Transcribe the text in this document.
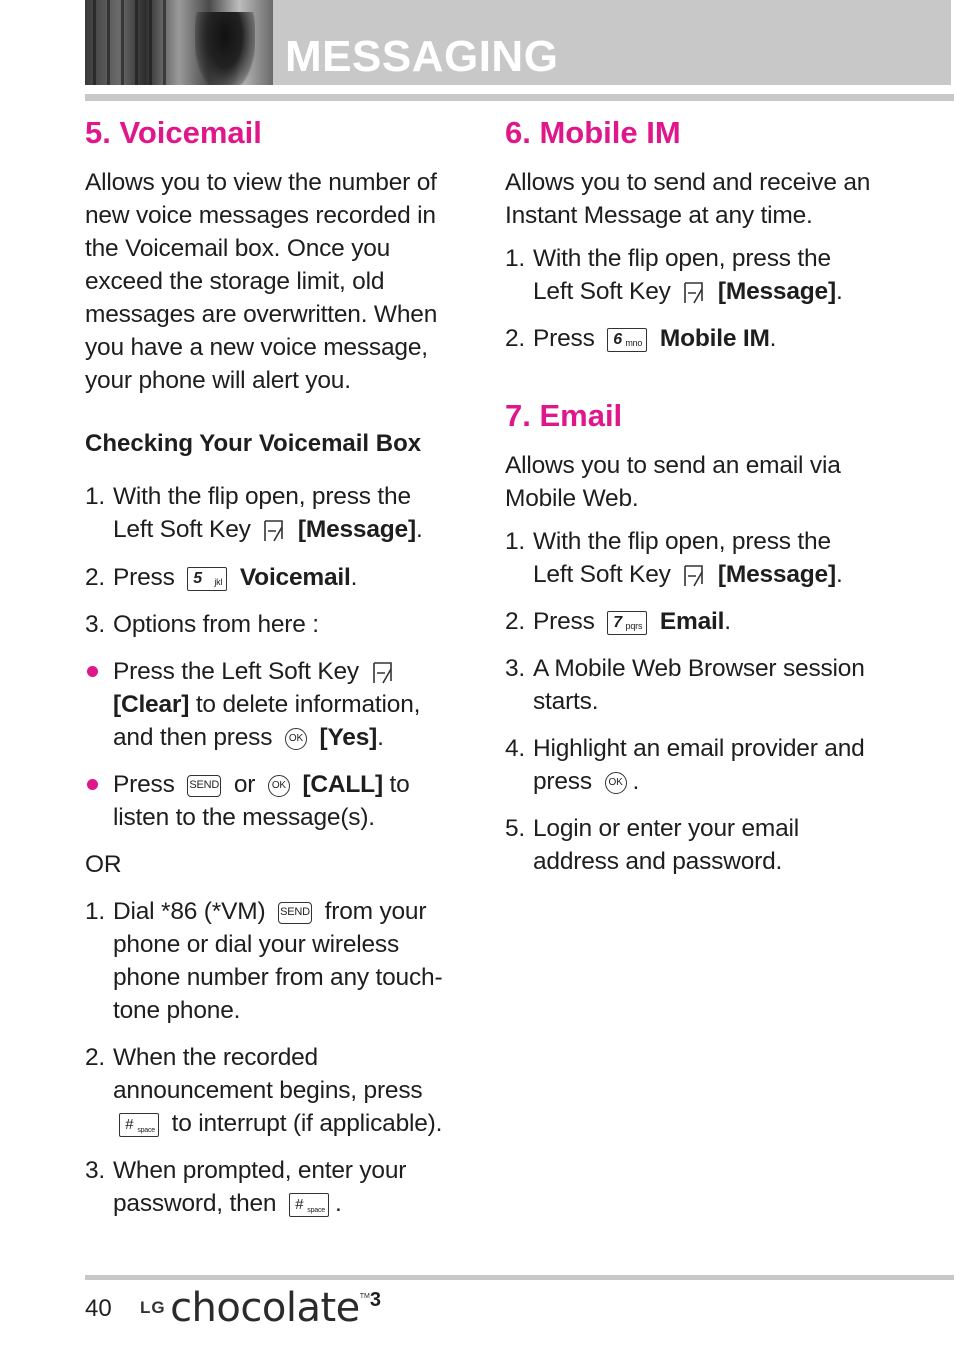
MESSAGING
5. Voicemail

Allows you to view the number of new voice messages recorded in the Voicemail box. Once you exceed the storage limit, old messages are overwritten. When you have a new voice message, your phone will alert you.

Checking Your Voicemail Box
1. With the flip open, press the Left Soft Key [Message].
2. Press 5 jkl Voicemail.
3. Options from here :
Press the Left Soft Key  [Clear] to delete information, and then press OK [Yes].
Press SEND or OK [CALL] to listen to the message(s).
OR
1. Dial *86 (*VM) SEND from your phone or dial your wireless phone number from any touch-tone phone.
2. When the recorded announcement begins, press # space to interrupt (if applicable).
3. When prompted, enter your password, then # space .
6. Mobile IM

Allows you to send and receive an Instant Message at any time.

1. With the flip open, press the Left Soft Key [Message].
2. Press 6 mno Mobile IM.
7. Email

Allows you to send an email via Mobile Web.

1. With the flip open, press the Left Soft Key [Message].
2. Press 7 pqrs Email.
3. A Mobile Web Browser session starts.
4. Highlight an email provider and press OK .
5. Login or enter your email address and password.
40 LG chocolate™3
